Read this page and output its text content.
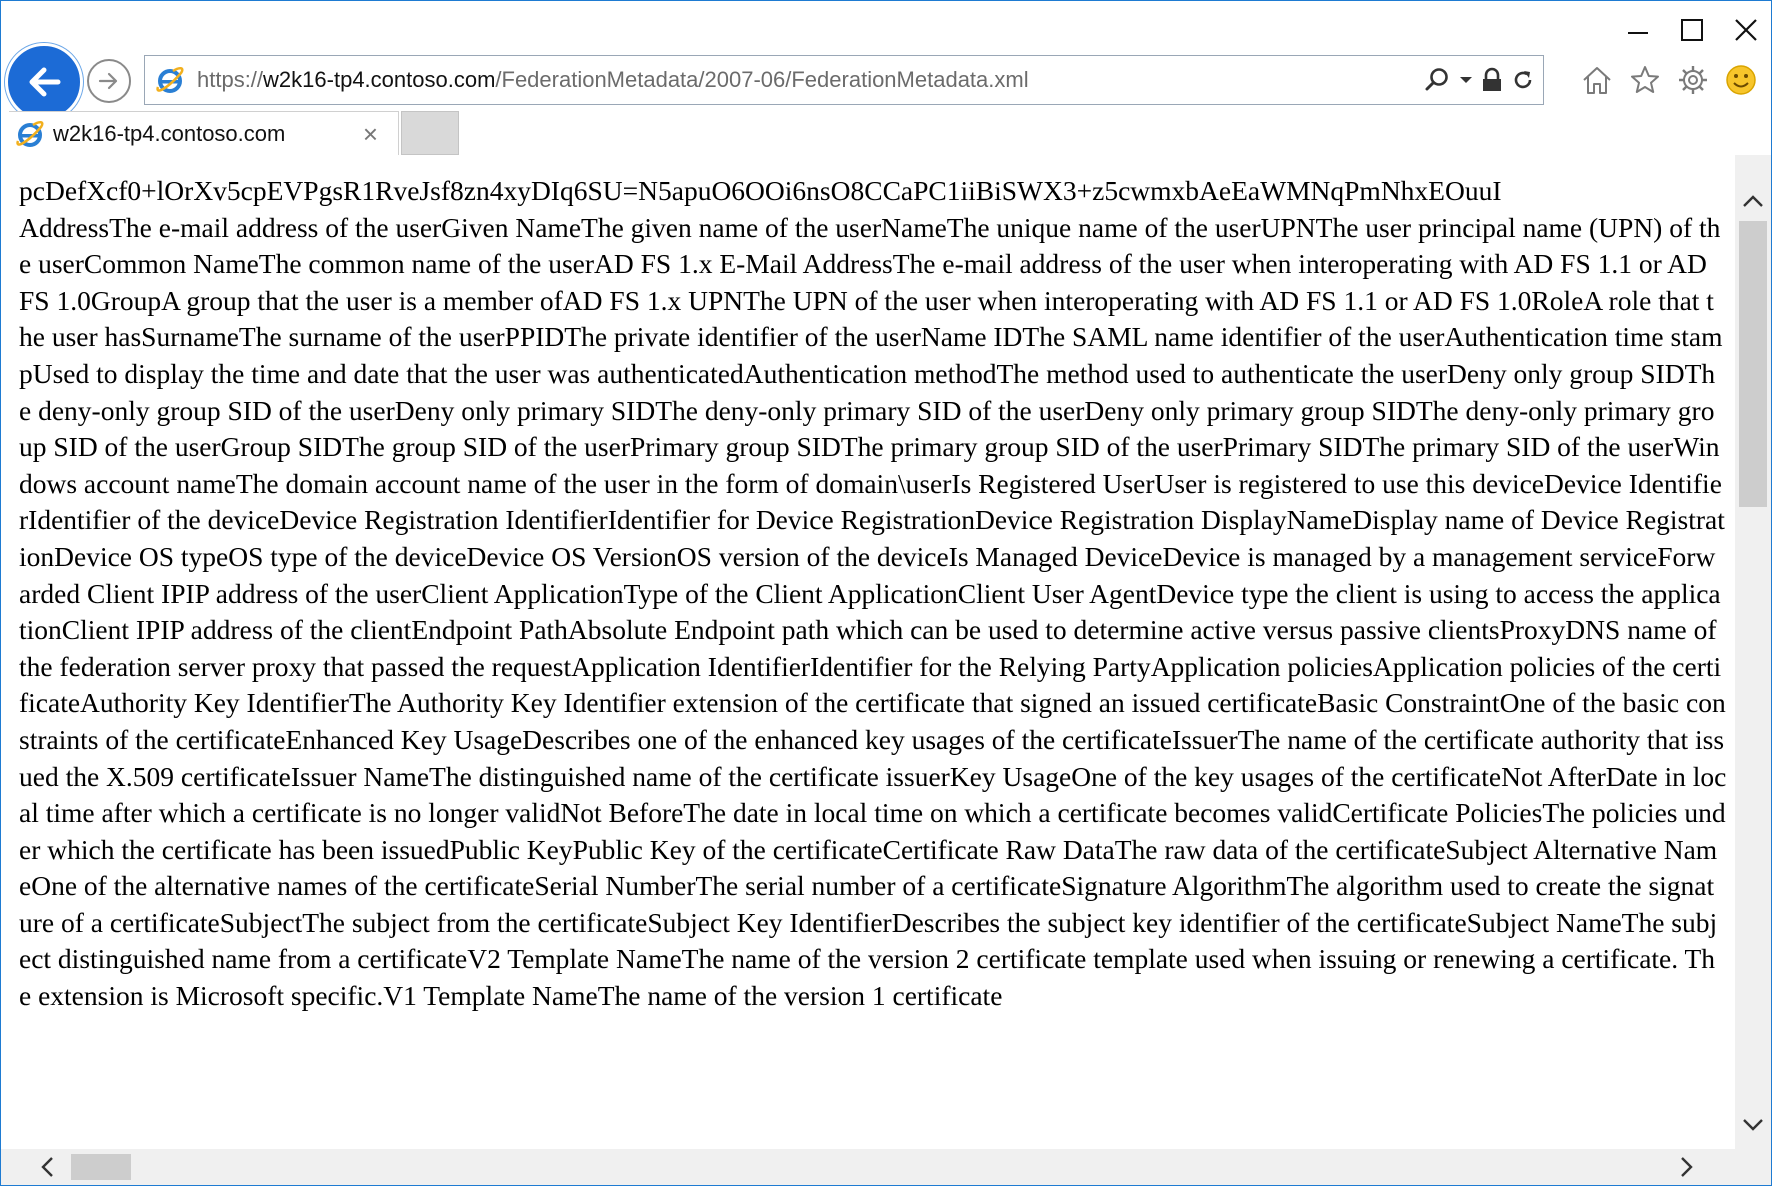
https://w2k16-tp4.contoso.com/FederationMetadata/2007-06/FederationMetadata.xml
w2k16-tp4.contoso.com	×

pcDefXcf0+lOrXv5cpEVPgsR1RveJsf8zn4xyDIq6SU=N5apuO6OOi6nsO8CCaPC1iiBiSWX3+z5cwmxbAeEaWMNqPmNhxEOuuI

AddressThe e-mail address of the userGiven NameThe given name of the userNameThe unique name of the userUPNThe user principal name (UPN) of the userCommon NameThe common name of the userAD FS 1.x E-Mail AddressThe e-mail address of the user when interoperating with AD FS 1.1 or AD FS 1.0GroupA group that the user is a member ofAD FS 1.x UPNThe UPN of the user when interoperating with AD FS 1.1 or AD FS 1.0RoleA role that the user hasSurnameThe surname of the userPPIDThe private identifier of the userName IDThe SAML name identifier of the userAuthentication time stampUsed to display the time and date that the user was authenticatedAuthentication methodThe method used to authenticate the userDeny only group SIDThe deny-only group SID of the userDeny only primary SIDThe deny-only primary SID of the userDeny only primary group SIDThe deny-only primary group SID of the userGroup SIDThe group SID of the userPrimary group SIDThe primary group SID of the userPrimary SIDThe primary SID of the userWindows account nameThe domain account name of the user in the form of domain\userIs Registered UserUser is registered to use this deviceDevice IdentifierIdentifier of the deviceDevice Registration IdentifierIdentifier for Device RegistrationDevice Registration DisplayNameDisplay name of Device RegistrationDevice OS typeOS type of the deviceDevice OS VersionOS version of the deviceIs Managed DeviceDevice is managed by a management serviceForwarded Client IPIP address of the userClient ApplicationType of the Client ApplicationClient User AgentDevice type the client is using to access the applicationClient IPIP address of the clientEndpoint PathAbsolute Endpoint path which can be used to determine active versus passive clientsProxyDNS name of the federation server proxy that passed the requestApplication IdentifierIdentifier for the Relying PartyApplication policiesApplication policies of the certificateAuthority Key IdentifierThe Authority Key Identifier extension of the certificate that signed an issued certificateBasic ConstraintOne of the basic constraints of the certificateEnhanced Key UsageDescribes one of the enhanced key usages of the certificateIssuerThe name of the certificate authority that issued the X.509 certificateIssuer NameThe distinguished name of the certificate issuerKey UsageOne of the key usages of the certificateNot AfterDate in local time after which a certificate is no longer validNot BeforeThe date in local time on which a certificate becomes validCertificate PoliciesThe policies under which the certificate has been issuedPublic KeyPublic Key of the certificateCertificate Raw DataThe raw data of the certificateSubject Alternative NameOne of the alternative names of the certificateSerial NumberThe serial number of a certificateSignature AlgorithmThe algorithm used to create the signature of a certificateSubjectThe subject from the certificateSubject Key IdentifierDescribes the subject key identifier of the certificateSubject NameThe subject distinguished name from a certificateV2 Template NameThe name of the version 2 certificate template used when issuing or renewing a certificate. The extension is Microsoft specific.V1 Template NameThe name of the version 1 certificate
